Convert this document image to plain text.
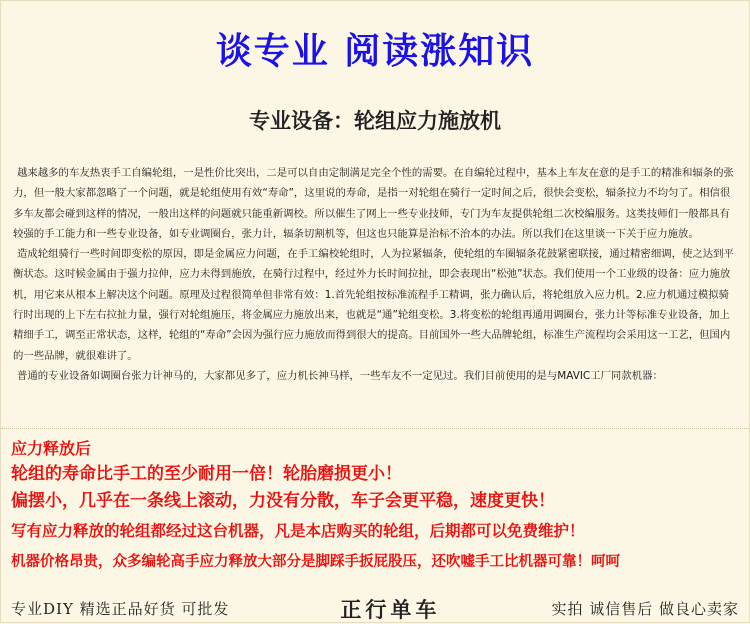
谈专业 阅读涨知识
专业设备：轮组应力施放机

越来越多的车友热衷手工自编轮组，一是性价比突出，二是可以自由定制满足完全个性的需要。在自编轮过程中，基本上车友在意的是手工的精准和辐条的张力，但一般大家都忽略了一个问题，就是轮组使用有效“寿命”，这里说的寿命，是指一对轮组在骑行一定时间之后，很快会变松，辐条拉力不均匀了。相信很多车友都会碰到这样的情况，一般出这样的问题就只能重新调校。所以催生了网上一些专业技师，专门为车友提供轮组二次校编服务。这类技师们一般都具有较强的手工能力和一些专业设备，如专业调圈台，张力计，辐条切割机等，但这也只能算是治标不治本的办法。所以我们在这里谈一下关于应力施放。

造成轮组骑行一些时间即变松的原因，即是金属应力问题，在手工编校轮组时，人为拉紧辐条，使轮组的车圈辐条花鼓紧密联接，通过精密细调，使之达到平衡状态。这时候金属由于强力拉伸，应力未得到施放，在骑行过程中，经过外力长时间拉扯，即会表现出“松弛”状态。我们使用一个工业级的设备：应力施放机，用它来从根本上解决这个问题。原理及过程很简单但非常有效：1.首先轮组按标准流程手工精调，张力确认后，将轮组放入应力机。2.应力机通过模拟骑行时出现的上下左右拉扯力量，强行对轮组施压，将金属应力施放出来，也就是“通”轮组变松。3.将变松的轮组再通用调圈台，张力计等标准专业设备，加上精细手工，调至正常状态，这样，轮组的“寿命”会因为强行应力施放而得到很大的提高。目前国外一些大品牌轮组，标准生产流程均会采用这一工艺，但国内的一些品牌，就很难讲了。

普通的专业设备如调圈台张力计神马的，大家都见多了，应力机长神马样，一些车友不一定见过。我们目前使用的是与MAVIC工厂同款机器：

应力释放后
轮组的寿命比手工的至少耐用一倍！轮胎磨损更小！
偏摆小，几乎在一条线上滚动，力没有分散，车子会更平稳，速度更快！
写有应力释放的轮组都经过这台机器，凡是本店购买的轮组，后期都可以免费维护！
机器价格昂贵，众多编轮高手应力释放大部分是脚踩手扳屁股压，还吹嘘手工比机器可靠！呵呵
专业DIY 精选正品好货 可批发	正行单车	实拍 诚信售后 做良心卖家
